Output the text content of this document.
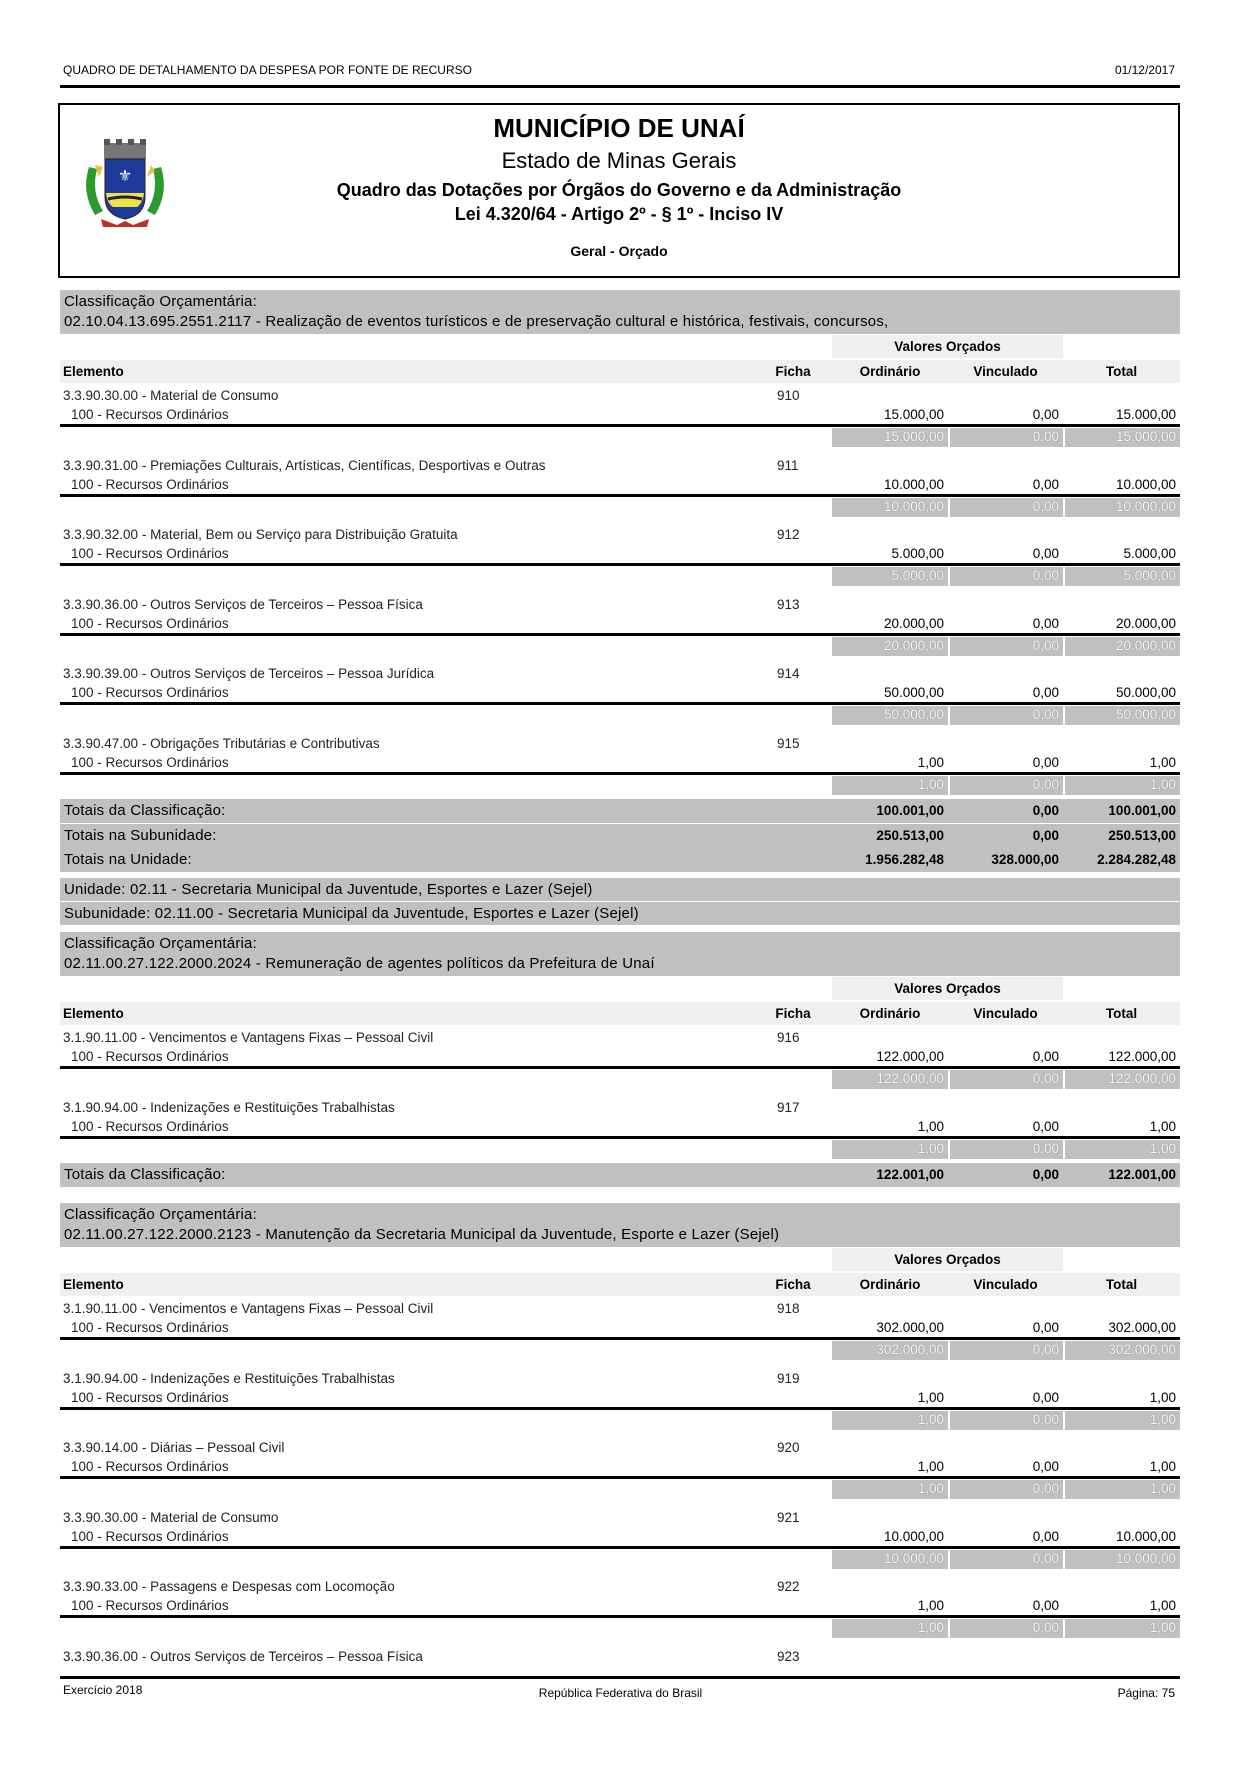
QUADRO DE DETALHAMENTO DA DESPESA POR FONTE DE RECURSO	01/12/2017
⚜
MUNICÍPIO DE UNAÍ
Estado de Minas Gerais
Quadro das Dotações por Órgãos do Governo e da Administração
Lei 4.320/64 - Artigo 2º - § 1º - Inciso IV
Geral - Orçado
Classificação Orçamentária:
02.10.04.13.695.2551.2117 - Realização de eventos turísticos e de preservação cultural e histórica, festivais, concursos,
Valores Orçados
Elemento	Ficha	Ordinário	Vinculado	Total
3.3.90.30.00 - Material de Consumo	910
100 - Recursos Ordinários	15.000,00	0,00	15.000,00
15.000,00	0,00	15.000,00
3.3.90.31.00 - Premiações Culturais, Artísticas, Científicas, Desportivas e Outras	911
100 - Recursos Ordinários	10.000,00	0,00	10.000,00
10.000,00	0,00	10.000,00
3.3.90.32.00 - Material, Bem ou Serviço para Distribuição Gratuita	912
100 - Recursos Ordinários	5.000,00	0,00	5.000,00
5.000,00	0,00	5.000,00
3.3.90.36.00 - Outros Serviços de Terceiros – Pessoa Física	913
100 - Recursos Ordinários	20.000,00	0,00	20.000,00
20.000,00	0,00	20.000,00
3.3.90.39.00 - Outros Serviços de Terceiros – Pessoa Jurídica	914
100 - Recursos Ordinários	50.000,00	0,00	50.000,00
50.000,00	0,00	50.000,00
3.3.90.47.00 - Obrigações Tributárias e Contributivas	915
100 - Recursos Ordinários	1,00	0,00	1,00
1,00	0,00	1,00
Totais da Classificação:	100.001,00	0,00	100.001,00
Totais na Subunidade:	250.513,00	0,00	250.513,00
Totais na Unidade:	1.956.282,48	328.000,00	2.284.282,48
Classificação Orçamentária:
02.11.00.27.122.2000.2024 - Remuneração de agentes políticos da Prefeitura de Unaí
Valores Orçados
Elemento	Ficha	Ordinário	Vinculado	Total
3.1.90.11.00 - Vencimentos e Vantagens Fixas – Pessoal Civil	916
100 - Recursos Ordinários	122.000,00	0,00	122.000,00
122.000,00	0,00	122.000,00
3.1.90.94.00 - Indenizações e Restituições Trabalhistas	917
100 - Recursos Ordinários	1,00	0,00	1,00
1,00	0,00	1,00
Totais da Classificação:	122.001,00	0,00	122.001,00
Classificação Orçamentária:
02.11.00.27.122.2000.2123 - Manutenção da Secretaria Municipal da Juventude, Esporte e Lazer (Sejel)
Valores Orçados
Elemento	Ficha	Ordinário	Vinculado	Total
3.1.90.11.00 - Vencimentos e Vantagens Fixas – Pessoal Civil	918
100 - Recursos Ordinários	302.000,00	0,00	302.000,00
302.000,00	0,00	302.000,00
3.1.90.94.00 - Indenizações e Restituições Trabalhistas	919
100 - Recursos Ordinários	1,00	0,00	1,00
1,00	0,00	1,00
3.3.90.14.00 - Diárias – Pessoal Civil	920
100 - Recursos Ordinários	1,00	0,00	1,00
1,00	0,00	1,00
3.3.90.30.00 - Material de Consumo	921
100 - Recursos Ordinários	10.000,00	0,00	10.000,00
10.000,00	0,00	10.000,00
3.3.90.33.00 - Passagens e Despesas com Locomoção	922
100 - Recursos Ordinários	1,00	0,00	1,00
1,00	0,00	1,00
3.3.90.36.00 - Outros Serviços de Terceiros – Pessoa Física	923
Unidade: 02.11 - Secretaria Municipal da Juventude, Esportes e Lazer (Sejel)
Subunidade: 02.11.00 - Secretaria Municipal da Juventude, Esportes e Lazer (Sejel)
Exercício 2018	República Federativa do Brasil	Página: 75
